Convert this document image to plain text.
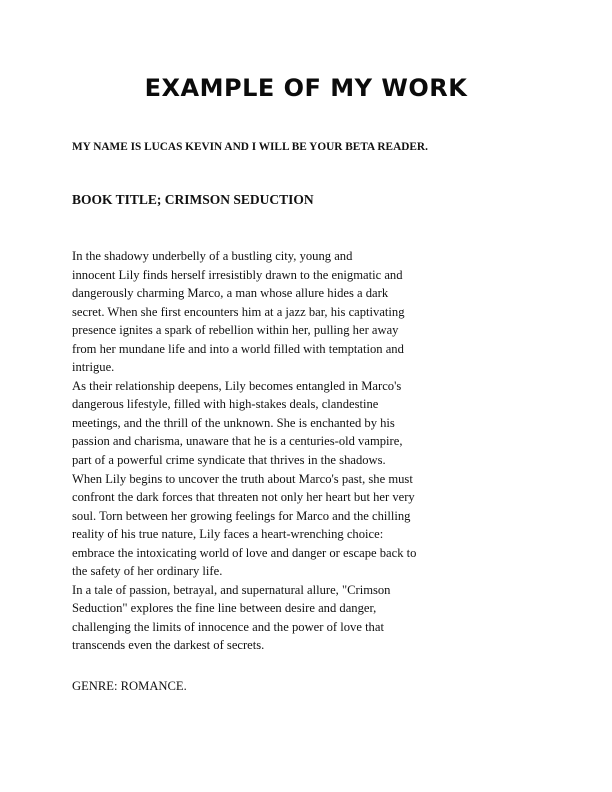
EXAMPLE OF MY WORK
MY NAME IS LUCAS KEVIN AND I WILL BE YOUR BETA READER.
BOOK TITLE; CRIMSON SEDUCTION
In the shadowy underbelly of a bustling city, young and
innocent Lily finds herself irresistibly drawn to the enigmatic and
dangerously charming Marco, a man whose allure hides a dark
secret. When she first encounters him at a jazz bar, his captivating
presence ignites a spark of rebellion within her, pulling her away
from her mundane life and into a world filled with temptation and
intrigue.
As their relationship deepens, Lily becomes entangled in Marco's
dangerous lifestyle, filled with high-stakes deals, clandestine
meetings, and the thrill of the unknown. She is enchanted by his
passion and charisma, unaware that he is a centuries-old vampire,
part of a powerful crime syndicate that thrives in the shadows.
When Lily begins to uncover the truth about Marco's past, she must
confront the dark forces that threaten not only her heart but her very
soul. Torn between her growing feelings for Marco and the chilling
reality of his true nature, Lily faces a heart-wrenching choice:
embrace the intoxicating world of love and danger or escape back to
the safety of her ordinary life.
In a tale of passion, betrayal, and supernatural allure, "Crimson
Seduction" explores the fine line between desire and danger,
challenging the limits of innocence and the power of love that
transcends even the darkest of secrets.
GENRE: ROMANCE.
